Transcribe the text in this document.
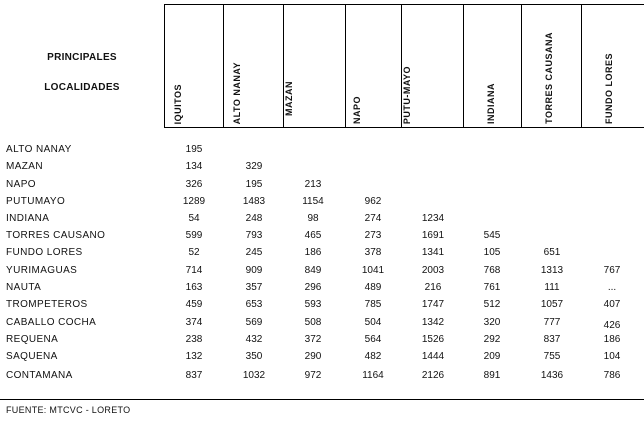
PRINCIPALES
LOCALIDADES	IQUITOS	ALTO NANAY	MAZAN	NAPO	PUTU-MAYO	INDIANA	TORRES CAUSANA	FUNDO LORES
ALTO NANAY	195
MAZAN	134	329
NAPO	326	195	213
PUTUMAYO	1289	1483	1154	962
INDIANA	54	248	98	274	1234
TORRES CAUSANO	599	793	465	273	1691	545
FUNDO LORES	52	245	186	378	1341	105	651
YURIMAGUAS	714	909	849	1041	2003	768	1313	767
NAUTA	163	357	296	489	216	761	111	...
TROMPETEROS	459	653	593	785	1747	512	1057	407
CABALLO COCHA	374	569	508	504	1342	320	777	426
REQUENA	238	432	372	564	1526	292	837	186
SAQUENA	132	350	290	482	1444	209	755	104
CONTAMANA	837	1032	972	1164	2126	891	1436	786
FUENTE: MTCVC - LORETO
